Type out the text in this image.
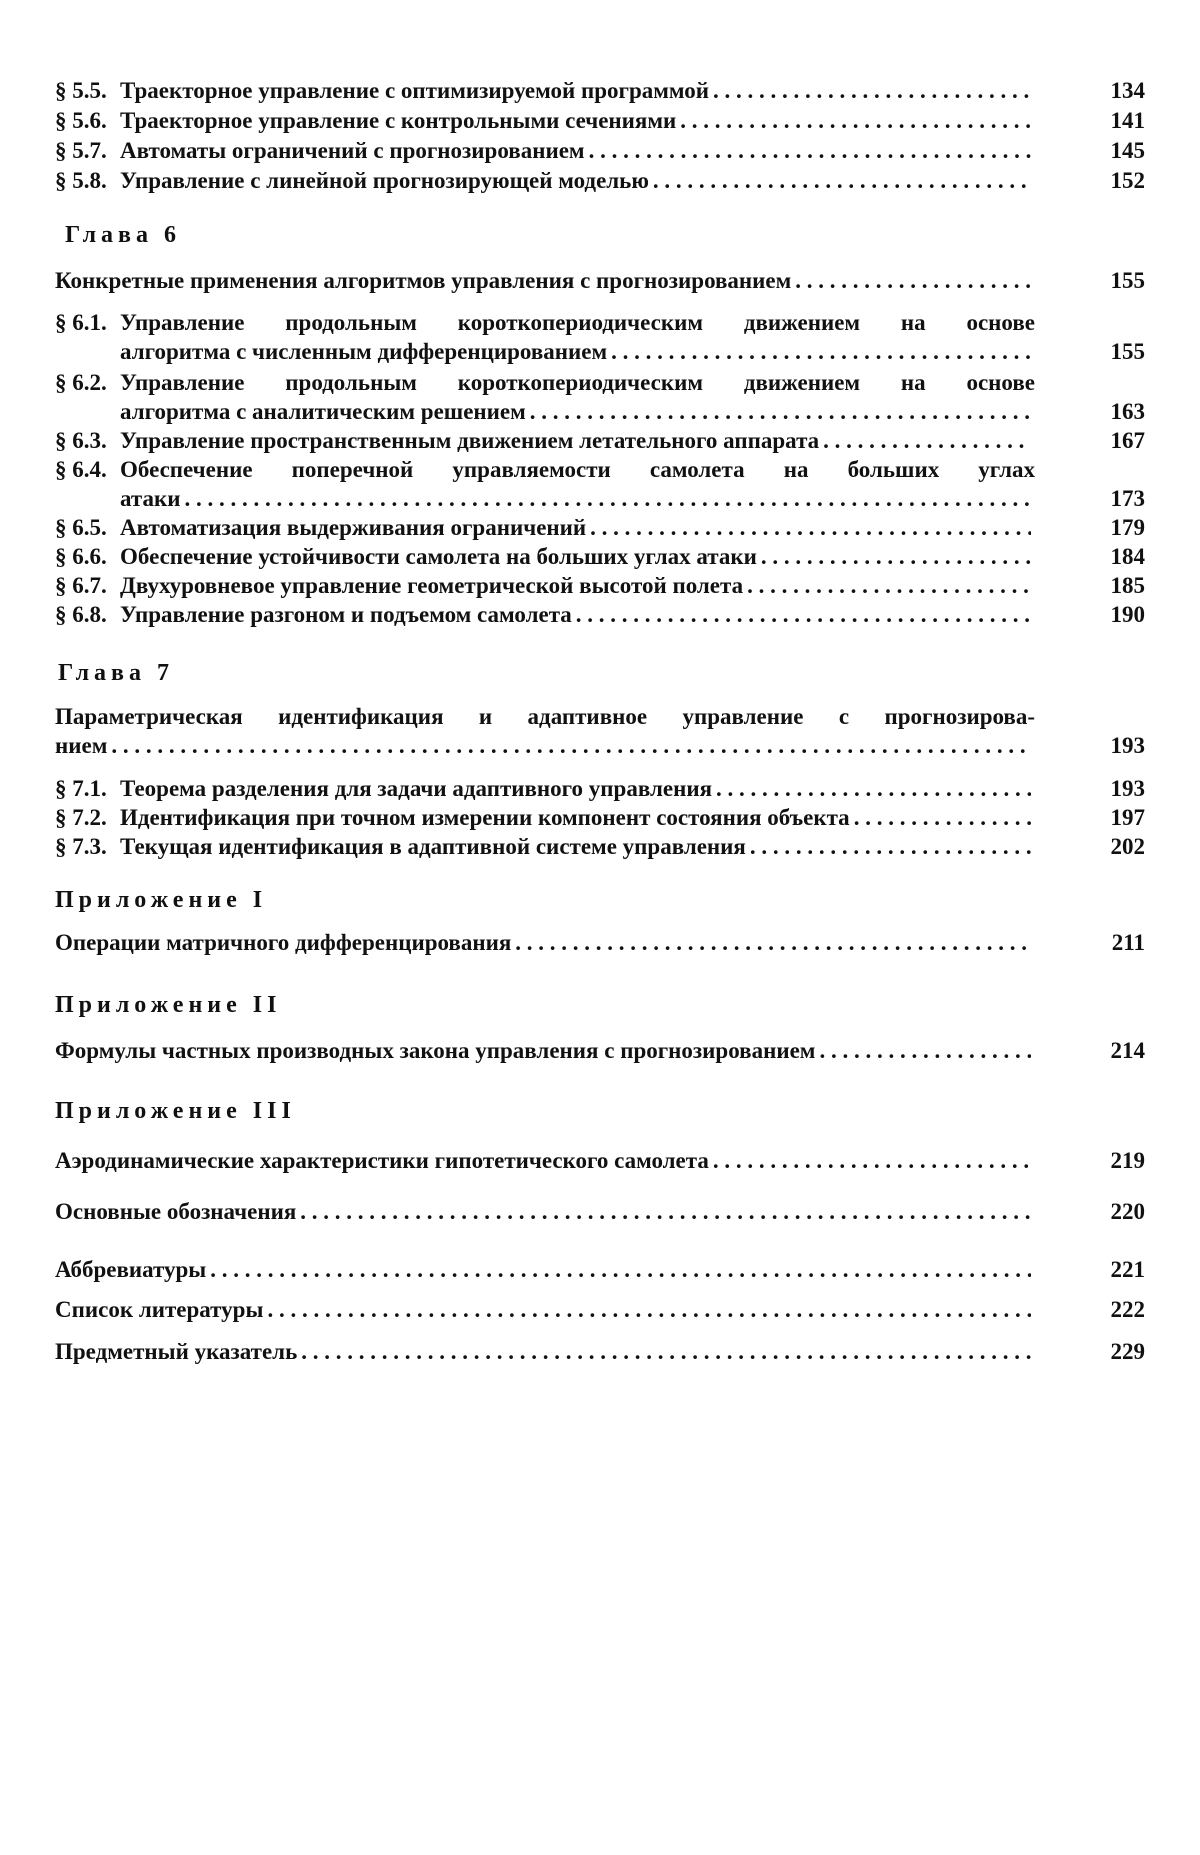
§ 5.5. Траекторное управление с оптимизируемой программой . . .	134
§ 5.6. Траекторное управление с контрольными сечениями . . .	141
§ 5.7. Автоматы ограничений с прогнозированием . . .	145
§ 5.8. Управление с линейной прогнозирующей моделью . . .	152
Глава 6
Конкретные применения алгоритмов управления с прогнозированием . . .	155
§ 6.1. Управление продольным короткопериодическим движением на основе
алгоритма с численным дифференцированием . . .	155
§ 6.2. Управление продольным короткопериодическим движением на основе
алгоритма с аналитическим решением . . .	163
§ 6.3. Управление пространственным движением летательного аппарата . . .	167
§ 6.4. Обеспечение поперечной управляемости самолета на больших углах
атаки . . .	173
§ 6.5. Автоматизация выдерживания ограничений . . .	179
§ 6.6. Обеспечение устойчивости самолета на больших углах атаки . . .	184
§ 6.7. Двухуровневое управление геометрической высотой полета . . .	185
§ 6.8. Управление разгоном и подъемом самолета . . .	190
Глава 7
Параметрическая идентификация и адаптивное управление с прогнозирова-
нием . . .	193
§ 7.1. Теорема разделения для задачи адаптивного управления . . .	193
§ 7.2. Идентификация при точном измерении компонент состояния объекта . . .	197
§ 7.3. Текущая идентификация в адаптивной системе управления . . .	202
Приложение I
Операции матричного дифференцирования . . .	211
Приложение II
Формулы частных производных закона управления с прогнозированием . . .	214
Приложение III
Аэродинамические характеристики гипотетического самолета . . .	219
Основные обозначения . . .	220
Аббревиатуры . . .	221
Список литературы . . .	222
Предметный указатель . . .	229
